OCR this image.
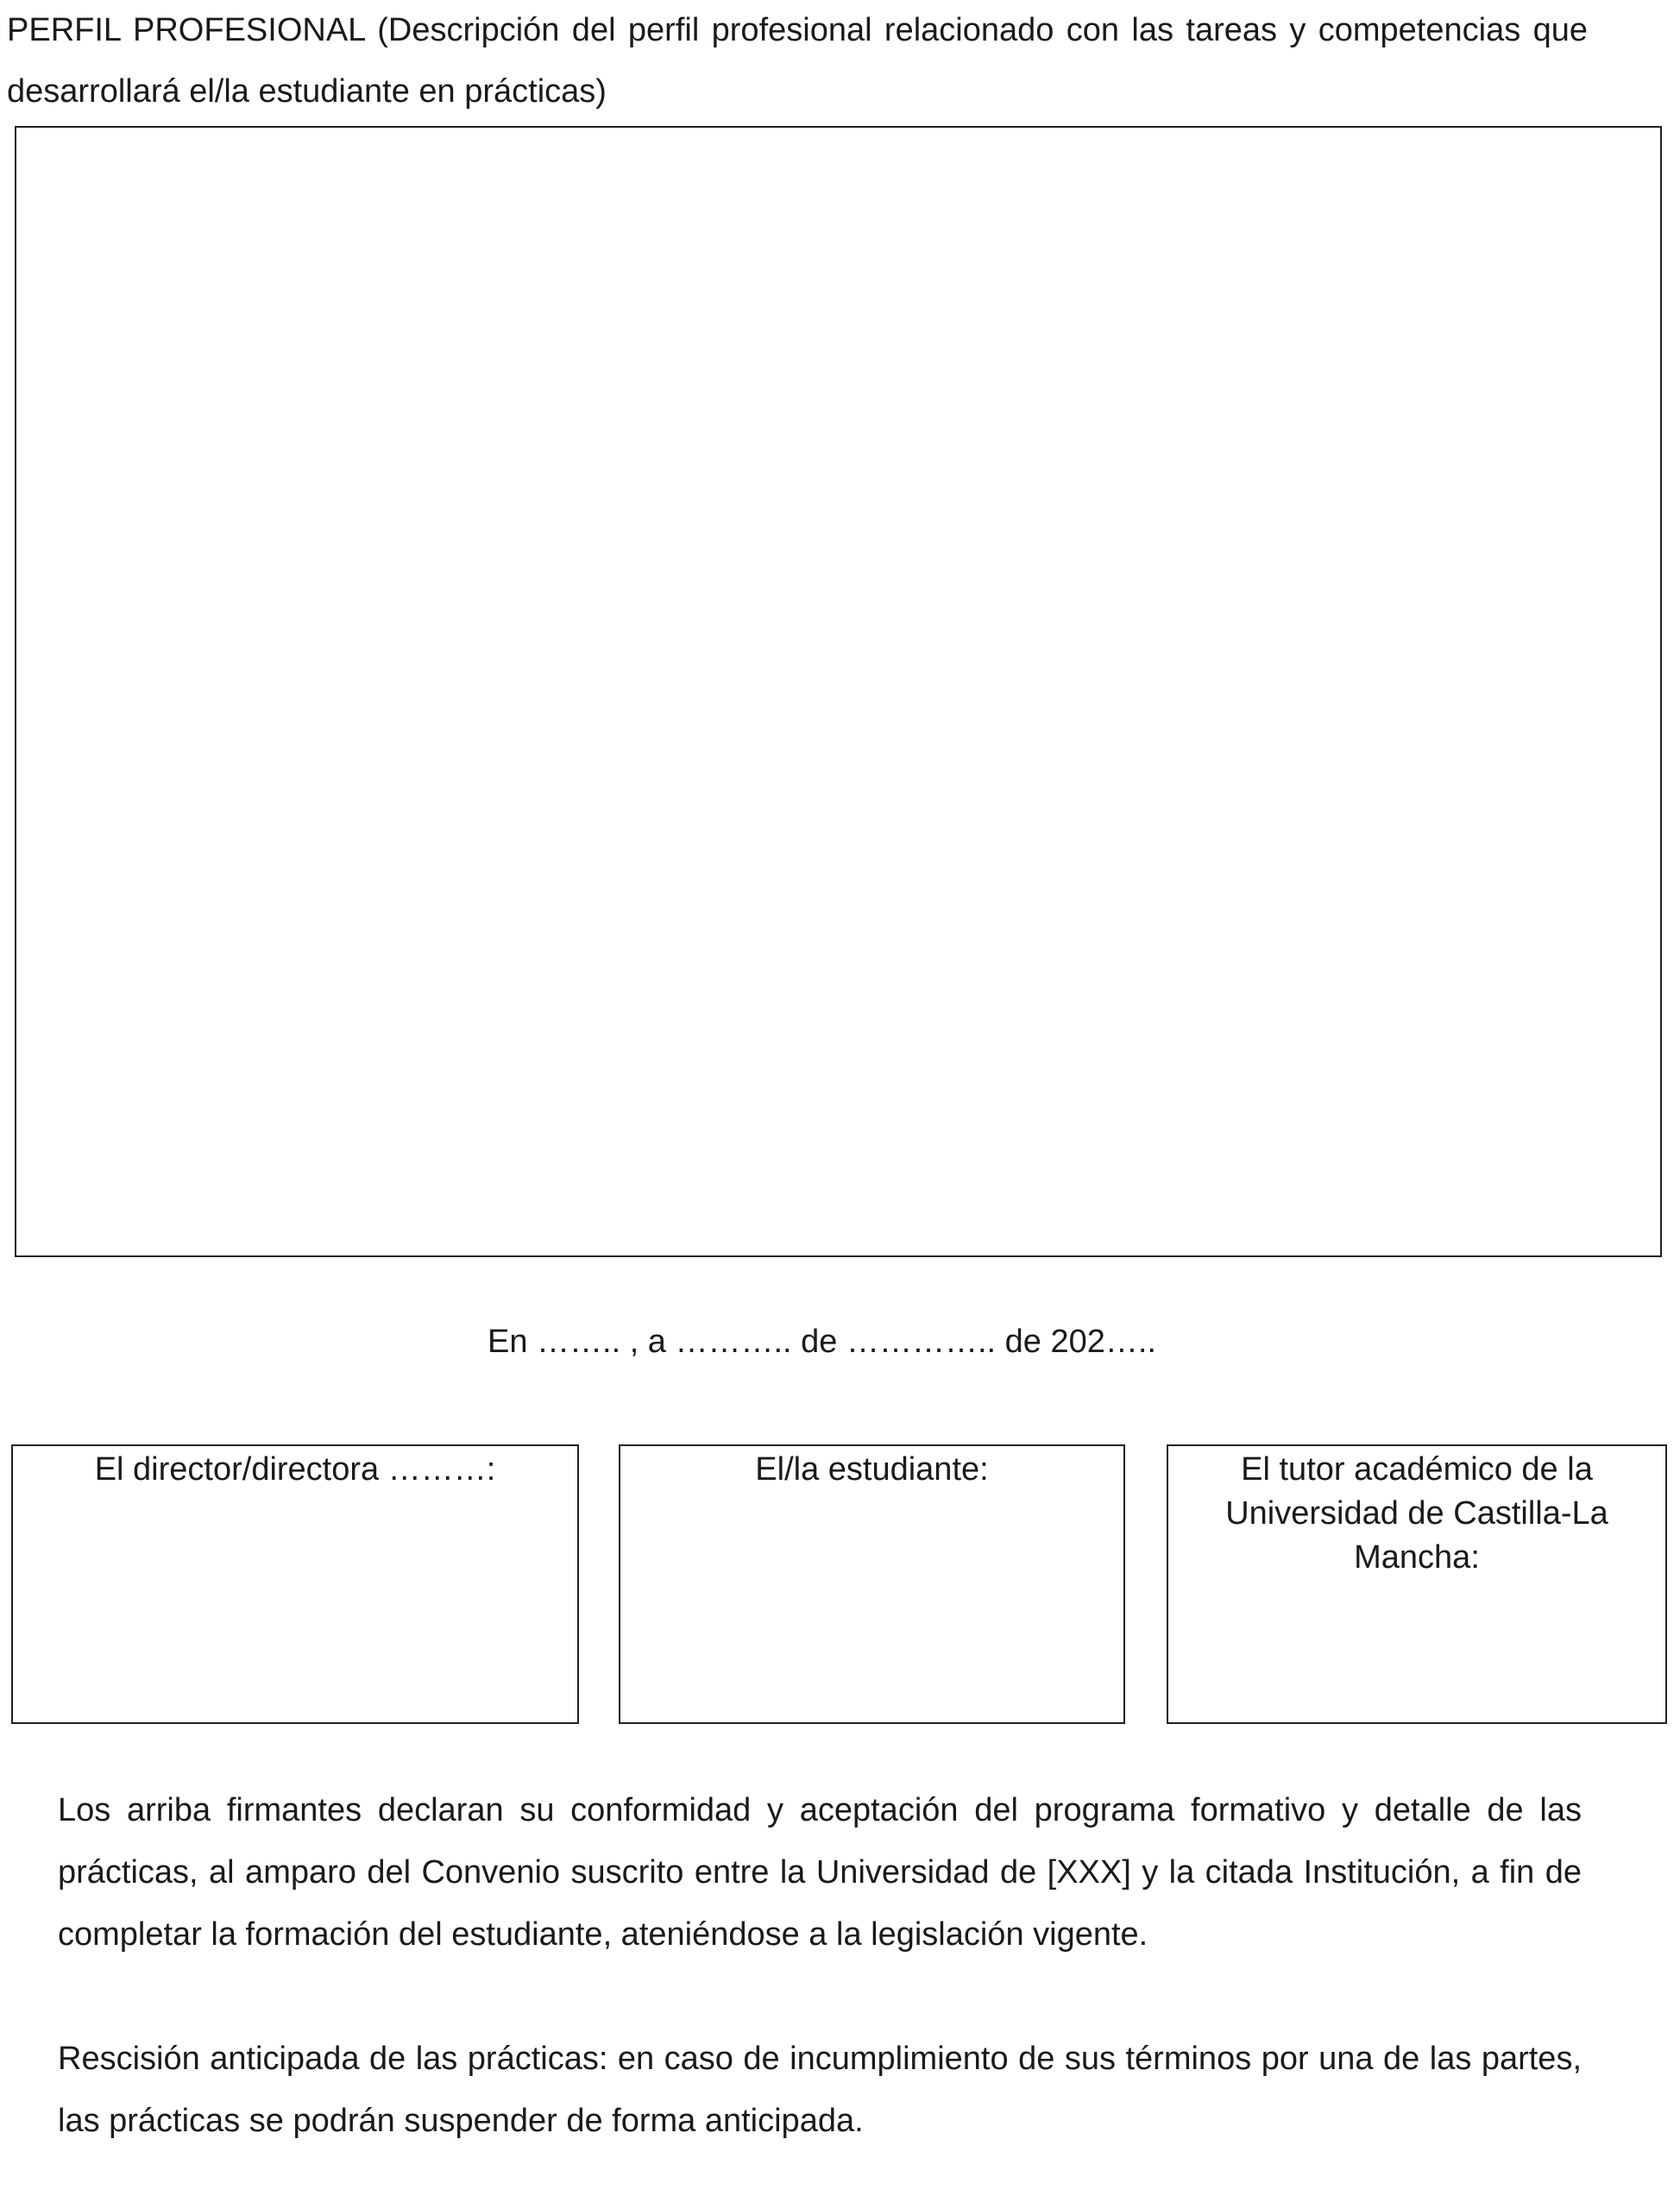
PERFIL PROFESIONAL (Descripción del perfil profesional relacionado con las tareas y competencias que desarrollará el/la estudiante en prácticas)

En …….. , a ……….. de ………….. de 202…..

El director/directora ………:	El/la estudiante:	El tutor académico de la Universidad de Castilla-La Mancha:

Los arriba firmantes declaran su conformidad y aceptación del programa formativo y detalle de las prácticas, al amparo del Convenio suscrito entre la Universidad de [XXX] y la citada Institución, a fin de completar la formación del estudiante, ateniéndose a la legislación vigente.

Rescisión anticipada de las prácticas: en caso de incumplimiento de sus términos por una de las partes, las prácticas se podrán suspender de forma anticipada.
